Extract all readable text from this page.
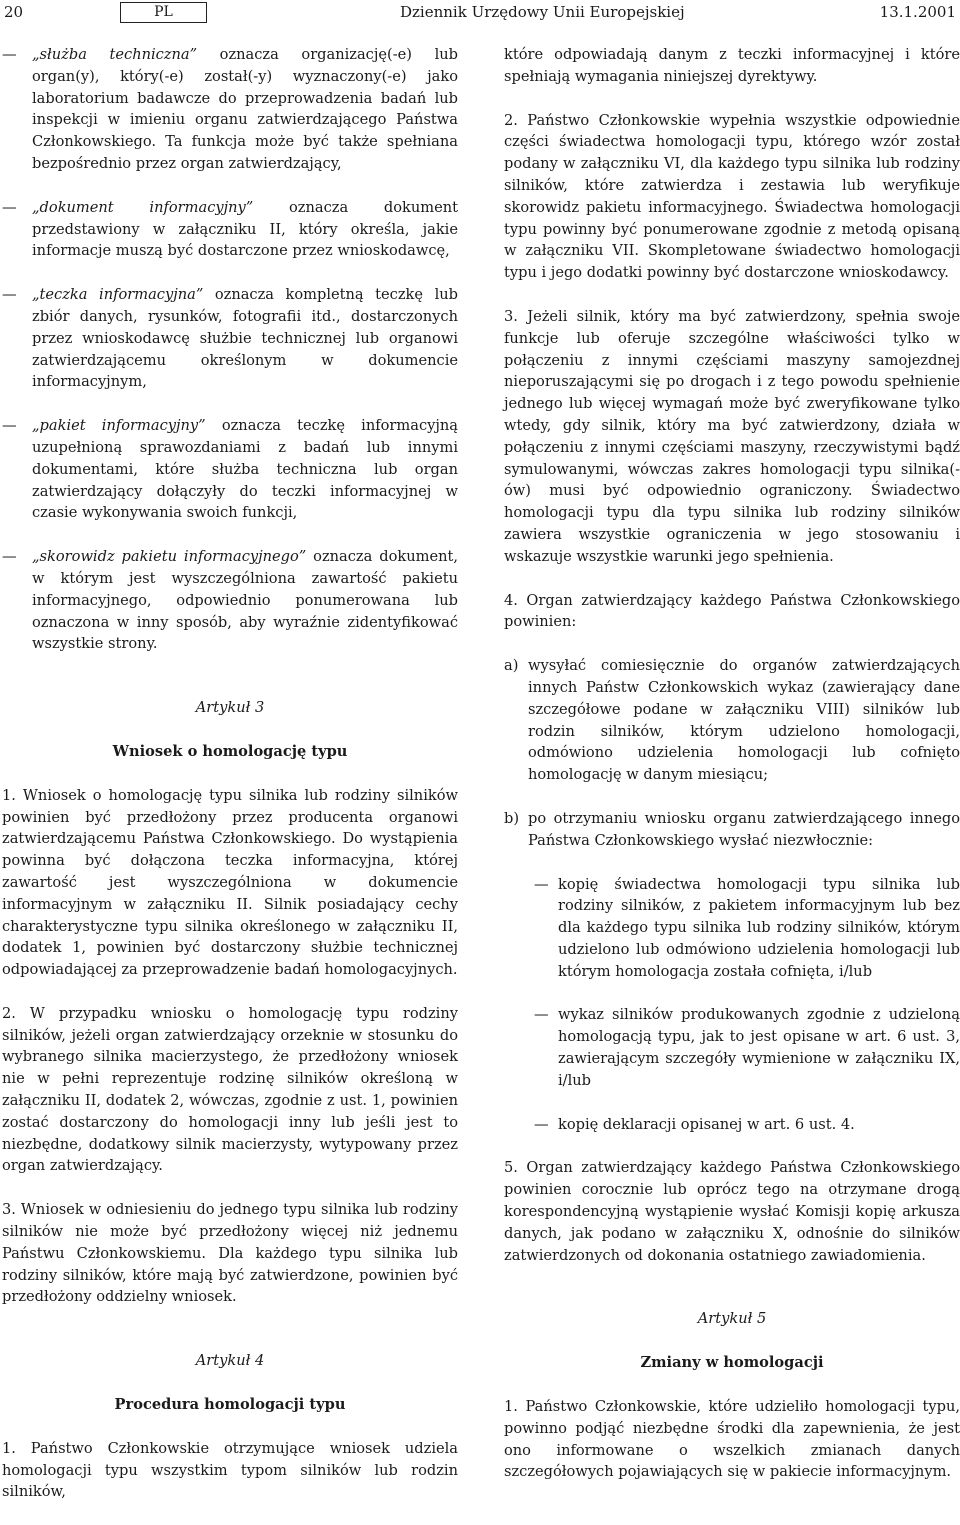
20	PL	Dziennik Urzędowy Unii Europejskiej	13.1.2001
—	„służba techniczna” oznacza organizację(-e) lub organ(y), który(-e) został(-y) wyznaczony(-e) jako laboratorium badawcze do przeprowadzenia badań lub inspekcji w imieniu organu zatwierdzającego Państwa Członkowskiego. Ta funkcja może być także spełniana bezpośrednio przez organ zatwierdzający,
—	„dokument informacyjny” oznacza dokument przedstawiony w załączniku II, który określa, jakie informacje muszą być dostarczone przez wnioskodawcę,
—	„teczka informacyjna” oznacza kompletną teczkę lub zbiór danych, rysunków, fotografii itd., dostarczonych przez wnioskodawcę służbie technicznej lub organowi zatwierdzającemu określonym w dokumencie informacyjnym,
—	„pakiet informacyjny” oznacza teczkę informacyjną uzupełnioną sprawozdaniami z badań lub innymi dokumentami, które służba techniczna lub organ zatwierdzający dołączyły do teczki informacyjnej w czasie wykonywania swoich funkcji,
—	„skorowidz pakietu informacyjnego” oznacza dokument, w którym jest wyszczególniona zawartość pakietu informacyjnego, odpowiednio ponumerowana lub oznaczona w inny sposób, aby wyraźnie zidentyfikować wszystkie strony.
Artykuł 3
Wniosek o homologację typu

1. Wniosek o homologację typu silnika lub rodziny silników powinien być przedłożony przez producenta organowi zatwierdzającemu Państwa Członkowskiego. Do wystąpienia powinna być dołączona teczka informacyjna, której zawartość jest wyszczególniona w dokumencie informacyjnym w załączniku II. Silnik posiadający cechy charakterystyczne typu silnika określonego w załączniku II, dodatek 1, powinien być dostarczony służbie technicznej odpowiadającej za przeprowadzenie badań homologacyjnych.

2. W przypadku wniosku o homologację typu rodziny silników, jeżeli organ zatwierdzający orzeknie w stosunku do wybranego silnika macierzystego, że przedłożony wniosek nie w pełni reprezentuje rodzinę silników określoną w załączniku II, dodatek 2, wówczas, zgodnie z ust. 1, powinien zostać dostarczony do homologacji inny lub jeśli jest to niezbędne, dodatkowy silnik macierzysty, wytypowany przez organ zatwierdzający.

3. Wniosek w odniesieniu do jednego typu silnika lub rodziny silników nie może być przedłożony więcej niż jednemu Państwu Członkowskiemu. Dla każdego typu silnika lub rodziny silników, które mają być zatwierdzone, powinien być przedłożony oddzielny wniosek.

Artykuł 4
Procedura homologacji typu

1. Państwo Członkowskie otrzymujące wniosek udziela homologacji typu wszystkim typom silników lub rodzin silników,

które odpowiadają danym z teczki informacyjnej i które spełniają wymagania niniejszej dyrektywy.

2. Państwo Członkowskie wypełnia wszystkie odpowiednie części świadectwa homologacji typu, którego wzór został podany w załączniku VI, dla każdego typu silnika lub rodziny silników, które zatwierdza i zestawia lub weryfikuje skorowidz pakietu informacyjnego. Świadectwa homologacji typu powinny być ponumerowane zgodnie z metodą opisaną w załączniku VII. Skompletowane świadectwo homologacji typu i jego dodatki powinny być dostarczone wnioskodawcy.

3. Jeżeli silnik, który ma być zatwierdzony, spełnia swoje funkcje lub oferuje szczególne właściwości tylko w połączeniu z innymi częściami maszyny samojezdnej nieporuszającymi się po drogach i z tego powodu spełnienie jednego lub więcej wymagań może być zweryfikowane tylko wtedy, gdy silnik, który ma być zatwierdzony, działa w połączeniu z innymi częściami maszyny, rzeczywistymi bądź symulowanymi, wówczas zakres homologacji typu silnika(-ów) musi być odpowiednio ograniczony. Świadectwo homologacji typu dla typu silnika lub rodziny silników zawiera wszystkie ograniczenia w jego stosowaniu i wskazuje wszystkie warunki jego spełnienia.

4. Organ zatwierdzający każdego Państwa Członkowskiego powinien:

a) wysyłać comiesięcznie do organów zatwierdzających innych Państw Członkowskich wykaz (zawierający dane szczegółowe podane w załączniku VIII) silników lub rodzin silników, którym udzielono homologacji, odmówiono udzielenia homologacji lub cofnięto homologację w danym miesiącu;
b) po otrzymaniu wniosku organu zatwierdzającego innego Państwa Członkowskiego wysłać niezwłocznie:
— kopię świadectwa homologacji typu silnika lub rodziny silników, z pakietem informacyjnym lub bez dla każdego typu silnika lub rodziny silników, którym udzielono lub odmówiono udzielenia homologacji lub którym homologacja została cofnięta, i/lub
— wykaz silników produkowanych zgodnie z udzieloną homologacją typu, jak to jest opisane w art. 6 ust. 3, zawierającym szczegóły wymienione w załączniku IX, i/lub
— kopię deklaracji opisanej w art. 6 ust. 4.

5. Organ zatwierdzający każdego Państwa Członkowskiego powinien corocznie lub oprócz tego na otrzymane drogą korespondencyjną wystąpienie wysłać Komisji kopię arkusza danych, jak podano w załączniku X, odnośnie do silników zatwierdzonych od dokonania ostatniego zawiadomienia.

Artykuł 5
Zmiany w homologacji

1. Państwo Członkowskie, które udzieliło homologacji typu, powinno podjąć niezbędne środki dla zapewnienia, że jest ono informowane o wszelkich zmianach danych szczegółowych pojawiających się w pakiecie informacyjnym.
